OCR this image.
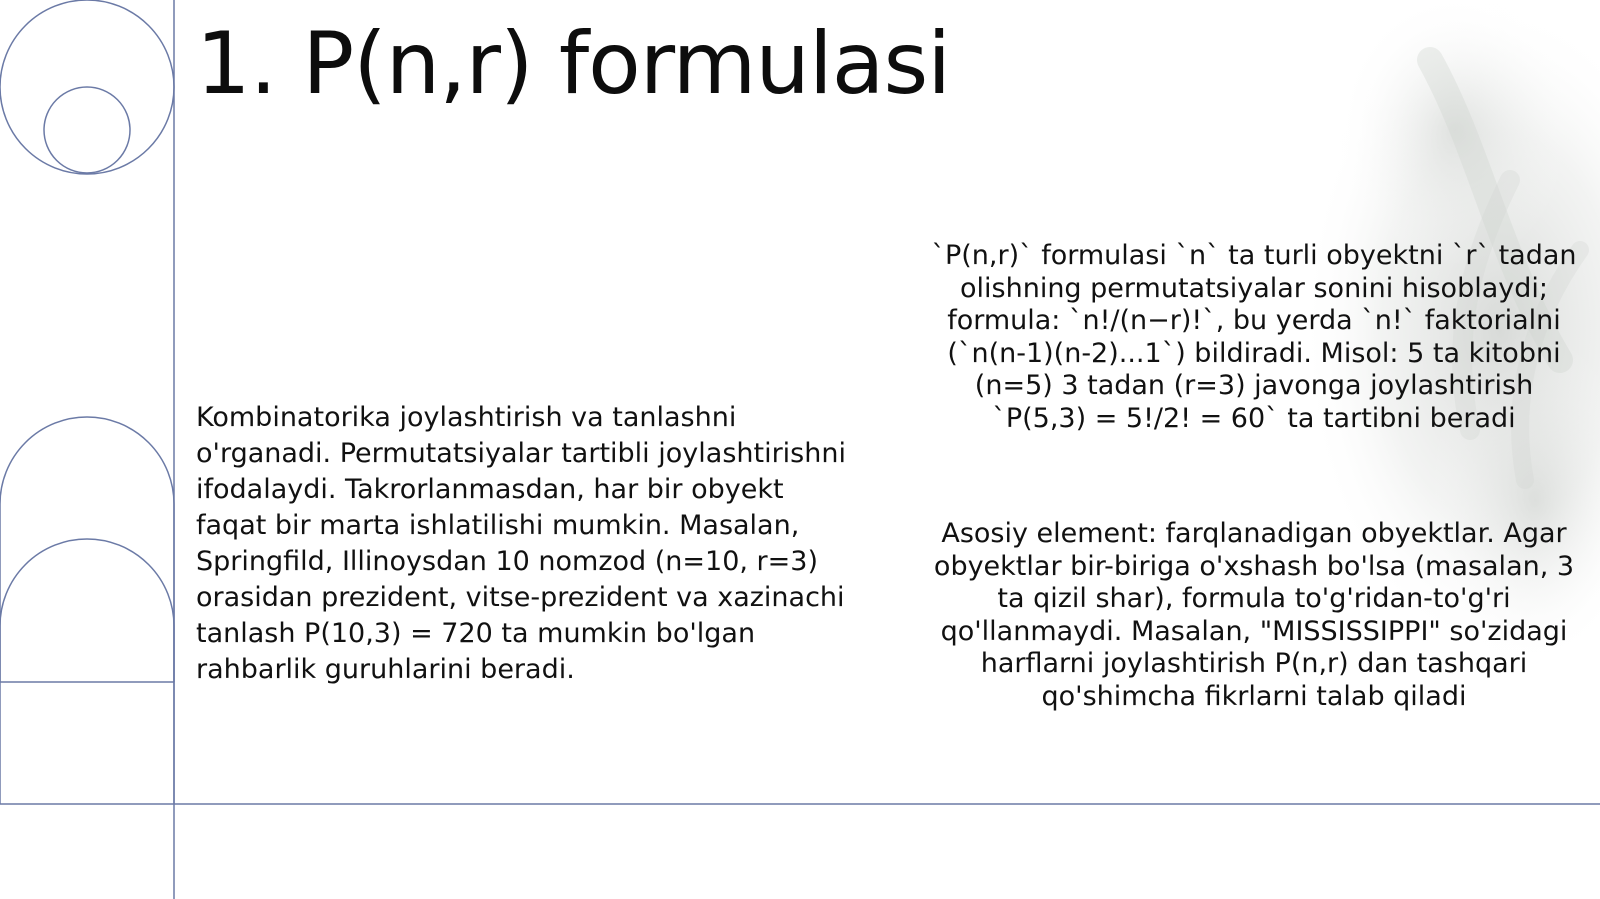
1. P(n,r) formulasi

Kombinatorika joylashtirish va tanlashni o'rganadi. Permutatsiyalar tartibli joylashtirishni ifodalaydi. Takrorlanmasdan, har bir obyekt faqat bir marta ishlatilishi mumkin. Masalan, Springfild, Illinoysdan 10 nomzod (n=10, r=3) orasidan prezident, vitse-prezident va xazinachi tanlash P(10,3) = 720 ta mumkin bo'lgan rahbarlik guruhlarini beradi.

`P(n,r)` formulasi `n` ta turli obyektni `r` tadan olishning permutatsiyalar sonini hisoblaydi; formula: `n!/(n−r)!`, bu yerda `n!` faktorialni (`n(n-1)(n-2)...1`) bildiradi. Misol: 5 ta kitobni (n=5) 3 tadan (r=3) javonga joylashtirish `P(5,3) = 5!/2! = 60` ta tartibni beradi

Asosiy element: farqlanadigan obyektlar. Agar obyektlar bir-biriga o'xshash bo'lsa (masalan, 3 ta qizil shar), formula to'g'ridan-to'g'ri qo'llanmaydi. Masalan, "MISSISSIPPI" so'zidagi harflarni joylashtirish P(n,r) dan tashqari qo'shimcha fikrlarni talab qiladi
